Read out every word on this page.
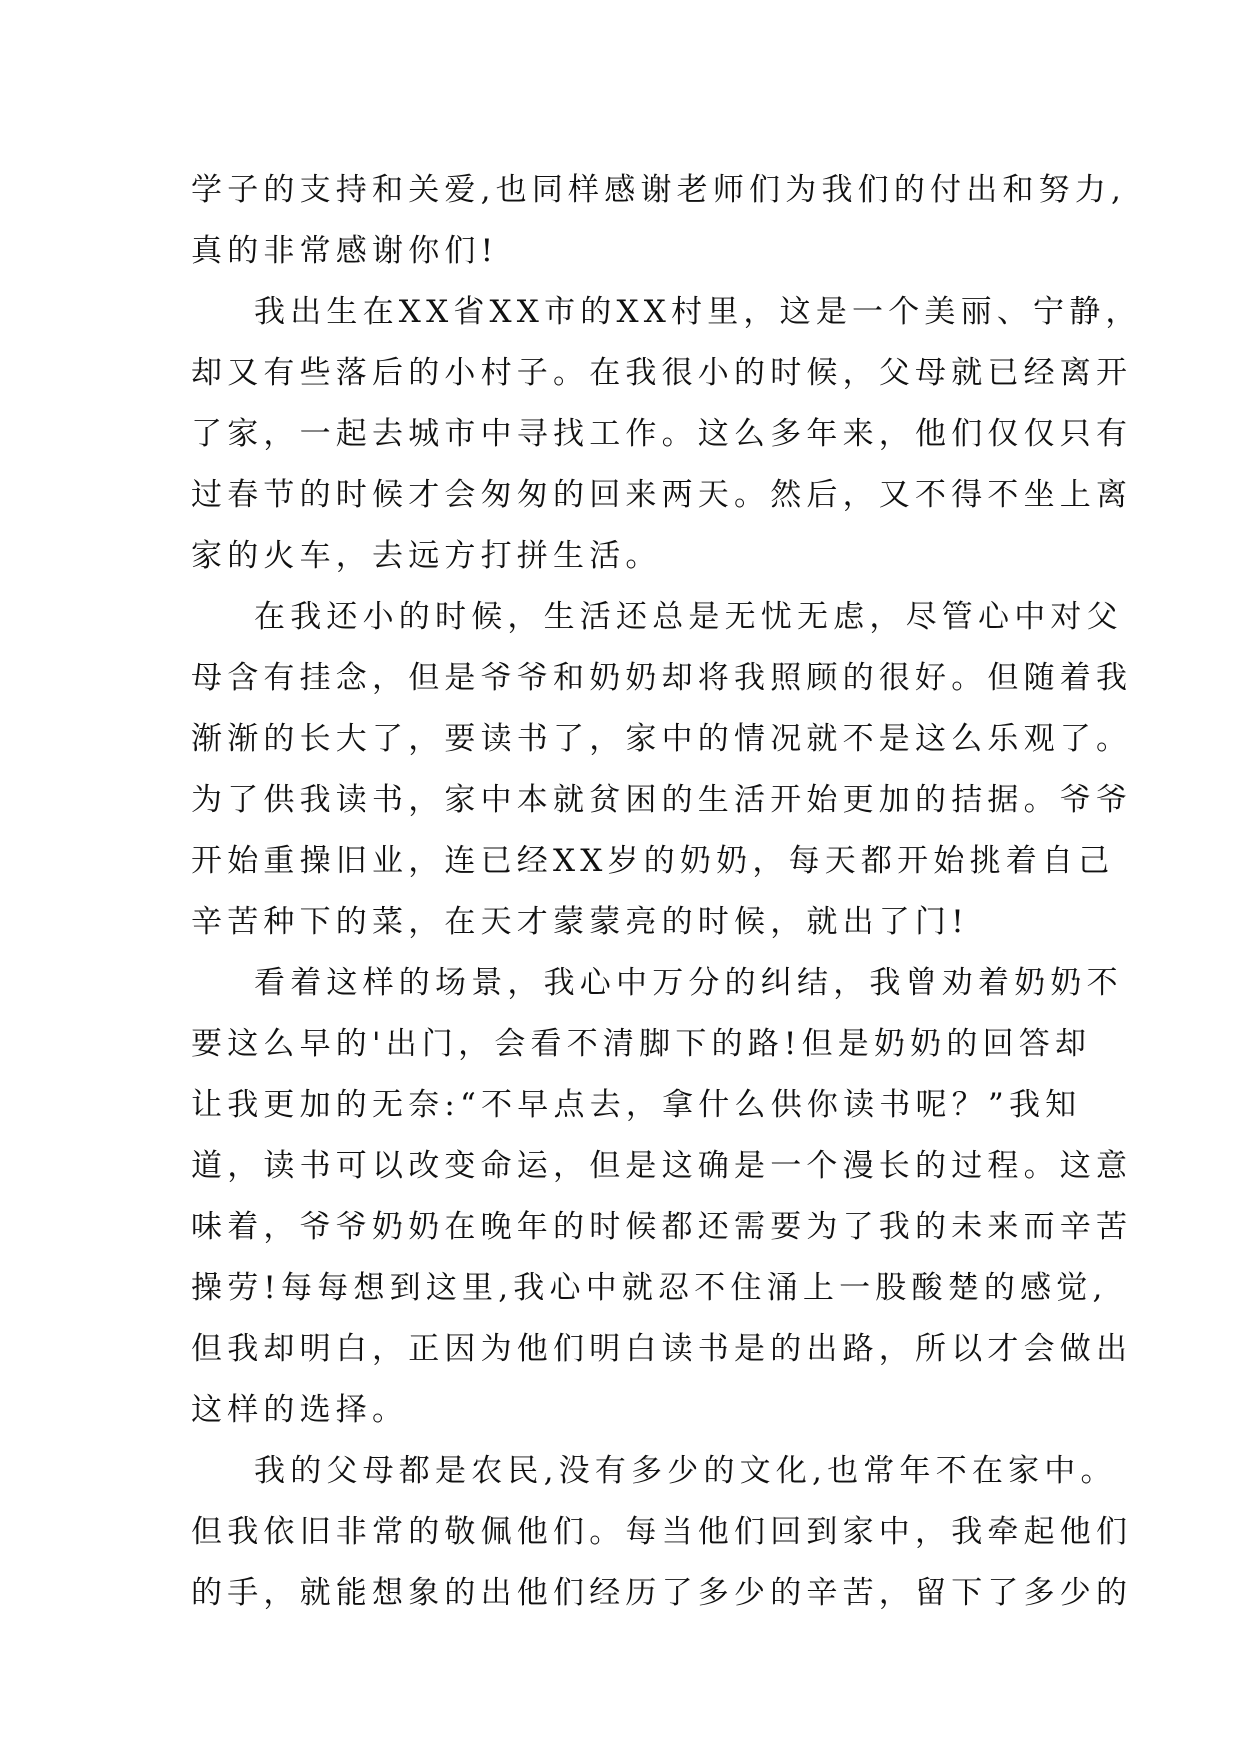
学子的支持和关爱,也同样感谢老师们为我们的付出和努力,
真的非常感谢你们!
我出生在XX省XX市的XX村里，这是一个美丽、宁静，
却又有些落后的小村子。在我很小的时候，父母就已经离开
了家，一起去城市中寻找工作。这么多年来，他们仅仅只有
过春节的时候才会匆匆的回来两天。然后，又不得不坐上离
家的火车，去远方打拼生活。
在我还小的时候，生活还总是无忧无虑，尽管心中对父
母含有挂念，但是爷爷和奶奶却将我照顾的很好。但随着我
渐渐的长大了，要读书了，家中的情况就不是这么乐观了。
为了供我读书，家中本就贫困的生活开始更加的拮据。爷爷
开始重操旧业，连已经XX岁的奶奶，每天都开始挑着自己
辛苦种下的菜，在天才蒙蒙亮的时候，就出了门!
看着这样的场景，我心中万分的纠结，我曾劝着奶奶不
要这么早的'出门，会看不清脚下的路!但是奶奶的回答却
让我更加的无奈:“不早点去，拿什么供你读书呢？”我知
道，读书可以改变命运，但是这确是一个漫长的过程。这意
味着，爷爷奶奶在晚年的时候都还需要为了我的未来而辛苦
操劳!每每想到这里,我心中就忍不住涌上一股酸楚的感觉,
但我却明白，正因为他们明白读书是的出路，所以才会做出
这样的选择。
我的父母都是农民,没有多少的文化,也常年不在家中。
但我依旧非常的敬佩他们。每当他们回到家中，我牵起他们
的手，就能想象的出他们经历了多少的辛苦，留下了多少的
